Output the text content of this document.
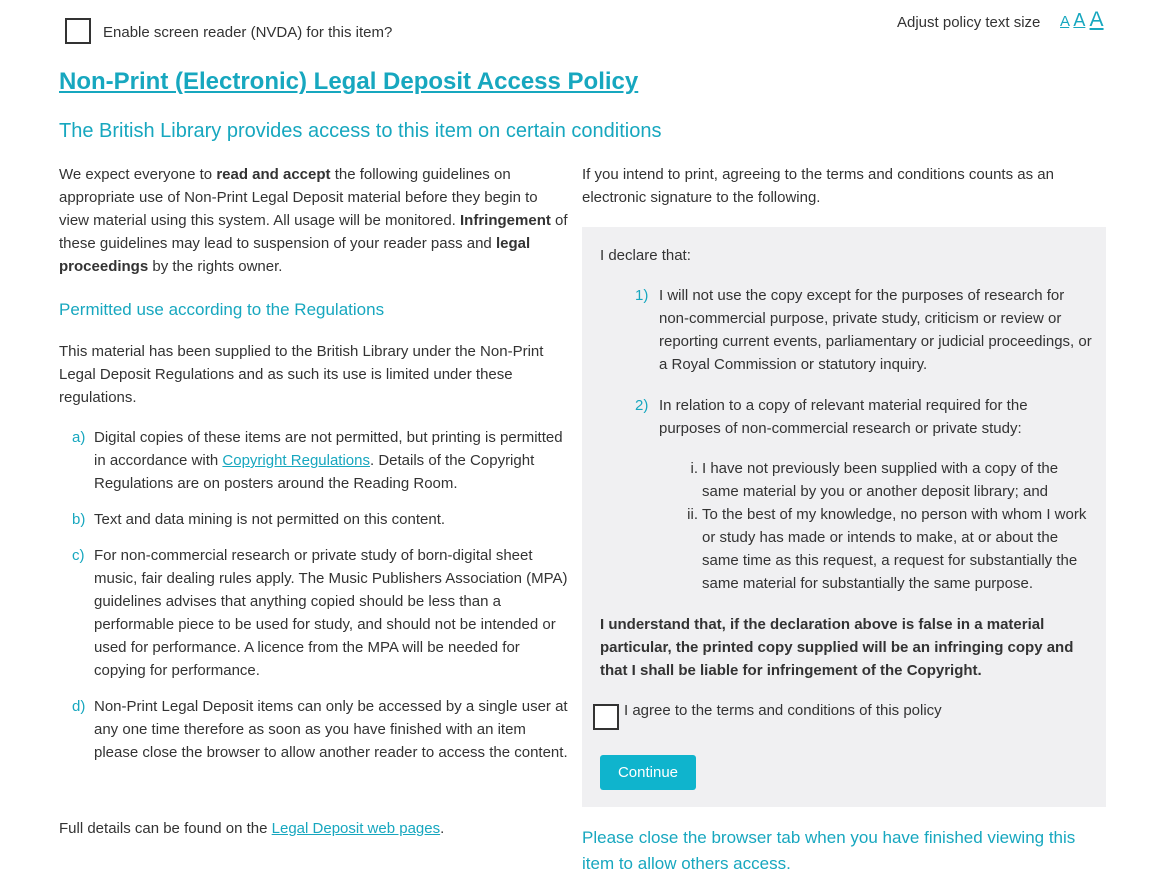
Enable screen reader (NVDA) for this item?
Adjust policy text size A A A
Non-Print (Electronic) Legal Deposit Access Policy
The British Library provides access to this item on certain conditions
We expect everyone to read and accept the following guidelines on appropriate use of Non-Print Legal Deposit material before they begin to view material using this system. All usage will be monitored. Infringement of these guidelines may lead to suspension of your reader pass and legal proceedings by the rights owner.
Permitted use according to the Regulations
This material has been supplied to the British Library under the Non-Print Legal Deposit Regulations and as such its use is limited under these regulations.
a) Digital copies of these items are not permitted, but printing is permitted in accordance with Copyright Regulations. Details of the Copyright Regulations are on posters around the Reading Room.
b) Text and data mining is not permitted on this content.
c) For non-commercial research or private study of born-digital sheet music, fair dealing rules apply. The Music Publishers Association (MPA) guidelines advises that anything copied should be less than a performable piece to be used for study, and should not be intended or used for performance. A licence from the MPA will be needed for copying for performance.
d) Non-Print Legal Deposit items can only be accessed by a single user at any one time therefore as soon as you have finished with an item please close the browser to allow another reader to access the content.
Full details can be found on the Legal Deposit web pages.
If you intend to print, agreeing to the terms and conditions counts as an electronic signature to the following.
I declare that:
1) I will not use the copy except for the purposes of research for non-commercial purpose, private study, criticism or review or reporting current events, parliamentary or judicial proceedings, or a Royal Commission or statutory inquiry.
2) In relation to a copy of relevant material required for the purposes of non-commercial research or private study:
i. I have not previously been supplied with a copy of the same material by you or another deposit library; and
ii. To the best of my knowledge, no person with whom I work or study has made or intends to make, at or about the same time as this request, a request for substantially the same material for substantially the same purpose.
I understand that, if the declaration above is false in a material particular, the printed copy supplied will be an infringing copy and that I shall be liable for infringement of the Copyright.
I agree to the terms and conditions of this policy
Continue
Please close the browser tab when you have finished viewing this item to allow others access.
